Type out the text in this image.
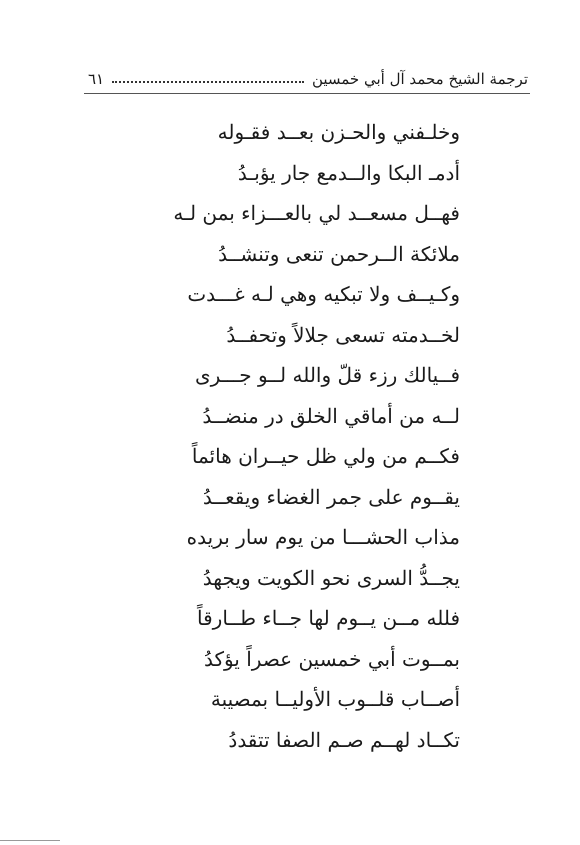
ترجمة الشيخ محمد آل أبي خمسين
٦١
وخلـفني والحـزن بعــد فقـوله
أدمـ البكا والــدمع جار يؤبـدُ
فهــل مسعــد لي بالعـــزاء بمن لـه
ملائكة الــرحمن تنعى وتنشــدُ
وكـيــف ولا تبكيه وهي لـه غـــدت
لخــدمته تسعى جلالاً وتحفــدُ
فــيالك رزء قلّ والله لــو جـــرى
لــه من أماقي الخلق در منضــدُ
فكــم من ولي ظل حيــران هائماً
يقــوم على جمر الغضاء ويقعــدُ
مذاب الحشـــا من يوم سار بريده
يجــدُّ السرى نحو الكويت ويجهدُ
فلله مــن يــوم لها جــاء طــارقاً
بمــوت أبي خمسين عصراً يؤكدُ
أصــاب قلــوب الأوليــا بمصيبة
تكــاد لهــم صـم الصفا تتقددُ
